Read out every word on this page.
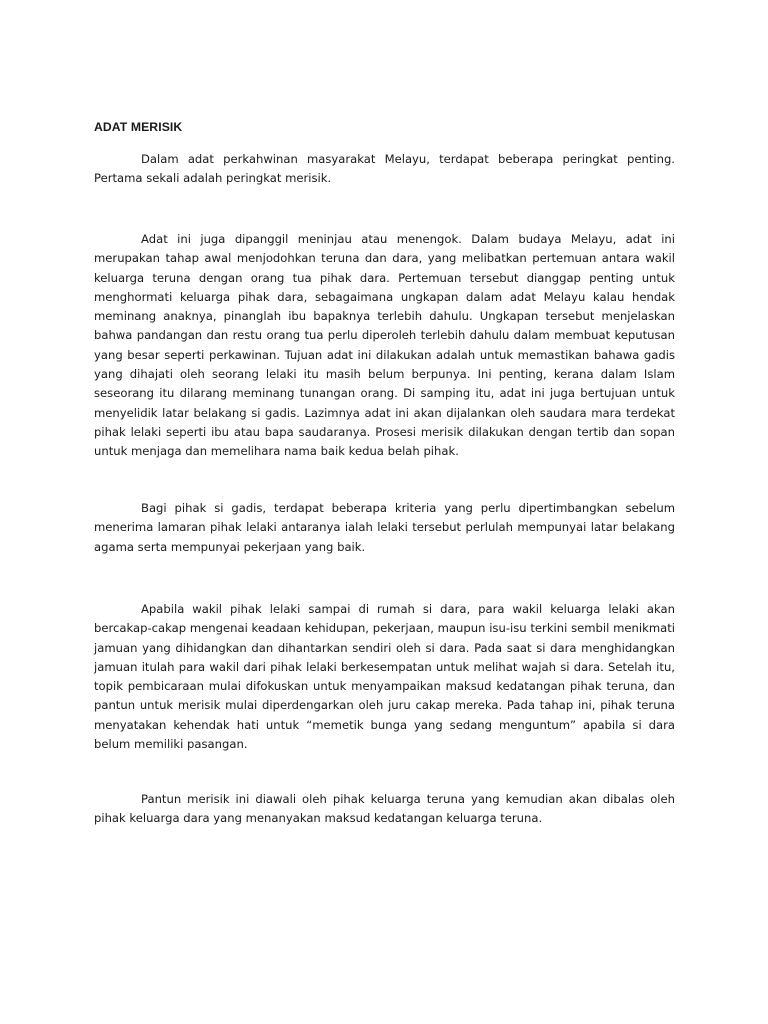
ADAT MERISIK

Dalam adat perkahwinan masyarakat Melayu, terdapat beberapa peringkat penting. Pertama sekali adalah peringkat merisik.

Adat ini juga dipanggil meninjau atau menengok. Dalam budaya Melayu, adat ini merupakan tahap awal menjodohkan teruna dan dara, yang melibatkan pertemuan antara wakil keluarga teruna dengan orang tua pihak dara. Pertemuan tersebut dianggap penting untuk menghormati keluarga pihak dara, sebagaimana ungkapan dalam adat Melayu kalau hendak meminang anaknya, pinanglah ibu bapaknya terlebih dahulu. Ungkapan tersebut menjelaskan bahwa pandangan dan restu orang tua perlu diperoleh terlebih dahulu dalam membuat keputusan yang besar seperti perkawinan. Tujuan adat ini dilakukan adalah untuk memastikan bahawa gadis yang dihajati oleh seorang lelaki itu masih belum berpunya. Ini penting, kerana dalam Islam seseorang itu dilarang meminang tunangan orang. Di samping itu, adat ini juga bertujuan untuk menyelidik latar belakang si gadis. Lazimnya adat ini akan dijalankan oleh saudara mara terdekat pihak lelaki seperti ibu atau bapa saudaranya. Prosesi merisik dilakukan dengan tertib dan sopan untuk menjaga dan memelihara nama baik kedua belah pihak.

Bagi pihak si gadis, terdapat beberapa kriteria yang perlu dipertimbangkan sebelum menerima lamaran pihak lelaki antaranya ialah lelaki tersebut perlulah mempunyai latar belakang agama serta mempunyai pekerjaan yang baik.

Apabila wakil pihak lelaki sampai di rumah si dara, para wakil keluarga lelaki akan bercakap-cakap mengenai keadaan kehidupan, pekerjaan, maupun isu-isu terkini sembil menikmati jamuan yang dihidangkan dan dihantarkan sendiri oleh si dara. Pada saat si dara menghidangkan jamuan itulah para wakil dari pihak lelaki berkesempatan untuk melihat wajah si dara. Setelah itu, topik pembicaraan mulai difokuskan untuk menyampaikan maksud kedatangan pihak teruna, dan pantun untuk merisik mulai diperdengarkan oleh juru cakap mereka. Pada tahap ini, pihak teruna menyatakan kehendak hati untuk “memetik bunga yang sedang menguntum” apabila si dara belum memiliki pasangan.

Pantun merisik ini diawali oleh pihak keluarga teruna yang kemudian akan dibalas oleh pihak keluarga dara yang menanyakan maksud kedatangan keluarga teruna.
